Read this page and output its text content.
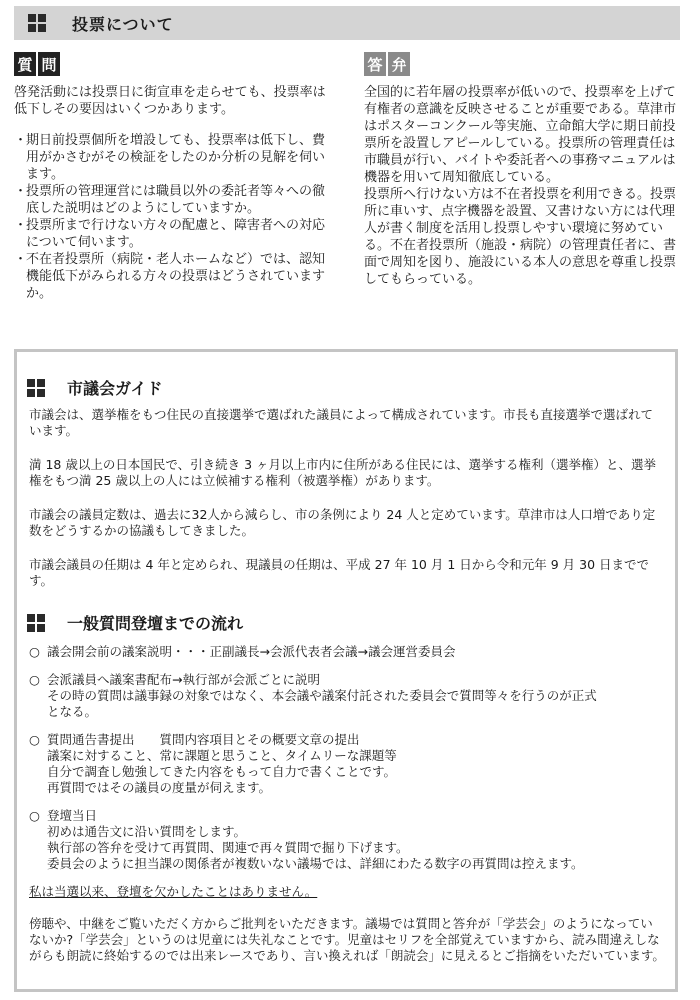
投票について
質 問

啓発活動には投票日に街宣車を走らせても、投票率は低下しその要因はいくつかあります。

・
期日前投票個所を増設しても、投票率は低下し、費用がかさむがその検証をしたのか分析の見解を伺います。
・
投票所の管理運営には職員以外の委託者等々への徹底した説明はどのようにしていますか。
・
投票所まで行けない方々の配慮と、障害者への対応について伺います。
・
不在者投票所（病院・老人ホームなど）では、認知機能低下がみられる方々の投票はどうされていますか。
答 弁

全国的に若年層の投票率が低いので、投票率を上げて有権者の意識を反映させることが重要である。草津市はポスターコンクール等実施、立命館大学に期日前投票所を設置しアピールしている。投票所の管理責任は市職員が行い、バイトや委託者への事務マニュアルは機器を用いて周知徹底している。

投票所へ行けない方は不在者投票を利用できる。投票所に車いす、点字機器を設置、又書けない方には代理人が書く制度を活用し投票しやすい環境に努めている。不在者投票所（施設・病院）の管理責任者に、書面で周知を図り、施設にいる本人の意思を尊重し投票してもらっている。

市議会ガイド

市議会は、選挙権をもつ住民の直接選挙で選ばれた議員によって構成されています。市長も直接選挙で選ばれています。

満 18 歳以上の日本国民で、引き続き 3 ヶ月以上市内に住所がある住民には、選挙する権利（選挙権）と、選挙権をもつ満 25 歳以上の人には立候補する権利（被選挙権）があります。

市議会の議員定数は、過去に32人から減らし、市の条例により 24 人と定めています。草津市は人口増であり定数をどうするかの協議もしてきました。

市議会議員の任期は 4 年と定められ、現議員の任期は、平成 27 年 10 月 1 日から令和元年 9 月 30 日までです。

一般質問登壇までの流れ
○ 議会開会前の議案説明・・・正副議長→会派代表者会議→議会運営委員会
○ 会派議員へ議案書配布→執行部が会派ごとに説明
その時の質問は議事録の対象ではなく、本会議や議案付託された委員会で質問等々を行うのが正式
となる。
○ 質問通告書提出　　質問内容項目とその概要文章の提出
議案に対すること、常に課題と思うこと、タイムリーな課題等
自分で調査し勉強してきた内容をもって自力で書くことです。
再質問ではその議員の度量が伺えます。
○ 登壇当日
初めは通告文に沿い質問をします。
執行部の答弁を受けて再質問、関連で再々質問で掘り下げます。
委員会のように担当課の関係者が複数いない議場では、詳細にわたる数字の再質問は控えます。

私は当選以来、登壇を欠かしたことはありません。

傍聴や、中継をご覧いただく方からご批判をいただきます。議場では質問と答弁が「学芸会」のようになっていないか?「学芸会」というのは児童には失礼なことです。児童はセリフを全部覚えていますから、読み間違えしながらも朗読に終始するのでは出来レースであり、言い換えれば「朗読会」に見えるとご指摘をいただいています。
